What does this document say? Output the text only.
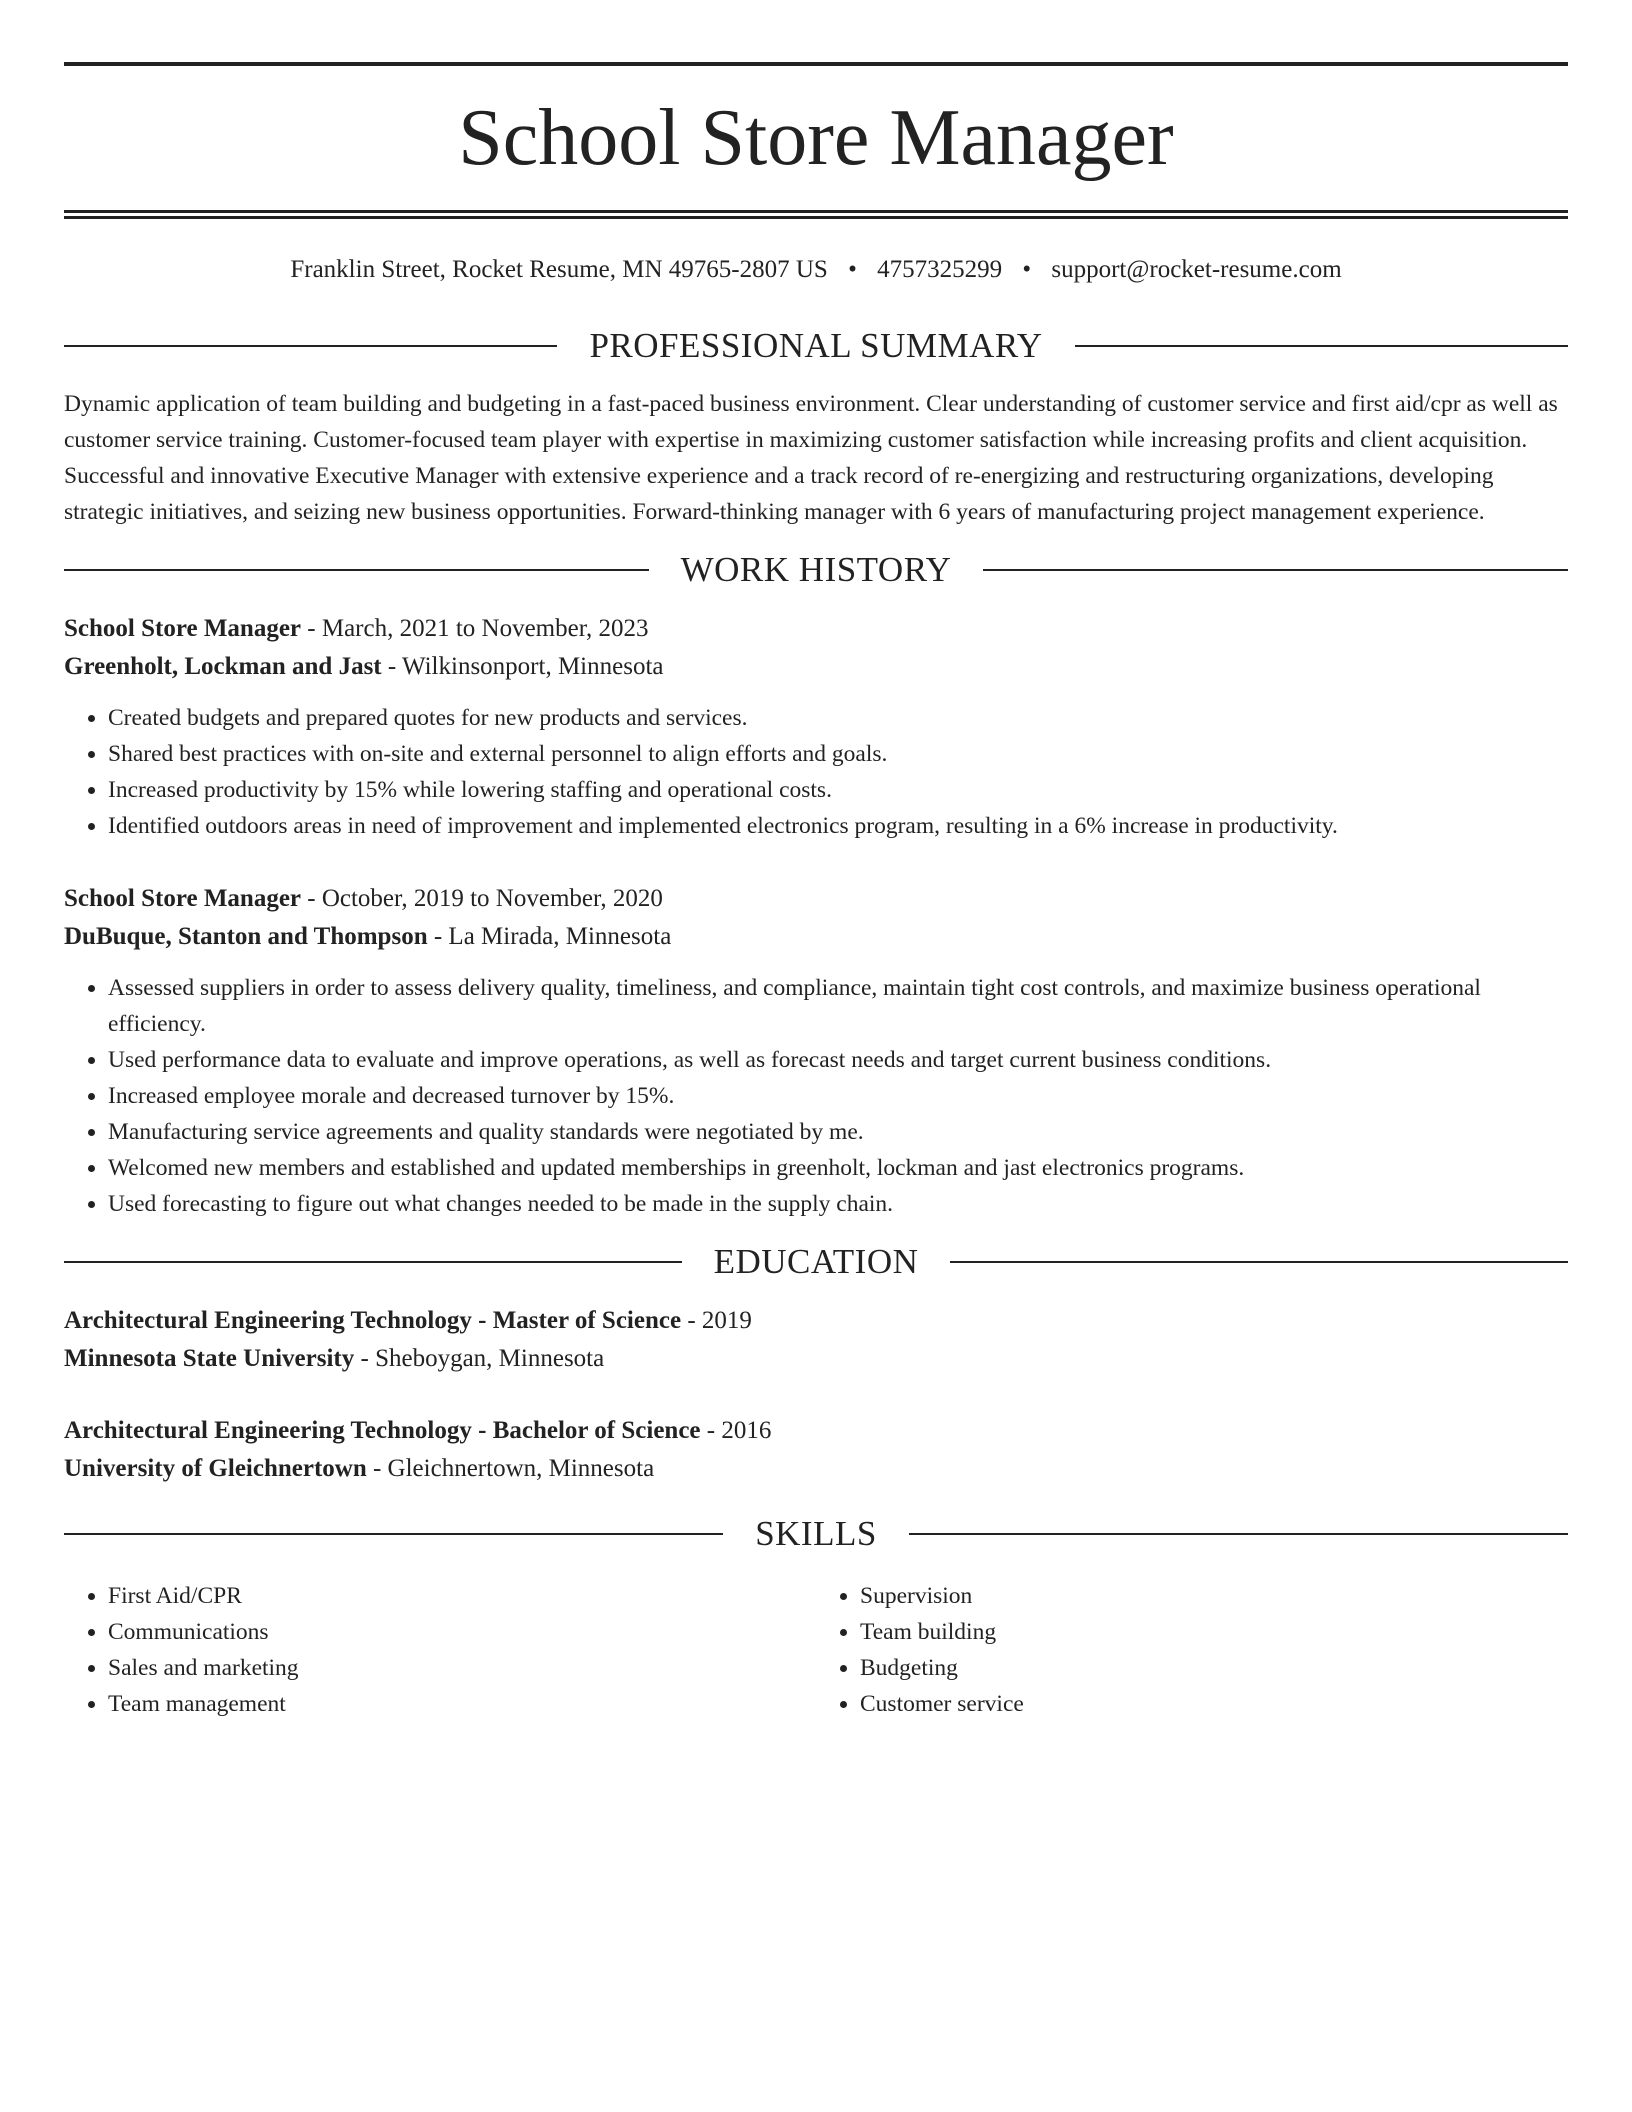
School Store Manager
Franklin Street, Rocket Resume, MN 49765-2807 US • 4757325299 • support@rocket-resume.com
PROFESSIONAL SUMMARY
Dynamic application of team building and budgeting in a fast-paced business environment. Clear understanding of customer service and first aid/cpr as well as customer service training. Customer-focused team player with expertise in maximizing customer satisfaction while increasing profits and client acquisition. Successful and innovative Executive Manager with extensive experience and a track record of re-energizing and restructuring organizations, developing strategic initiatives, and seizing new business opportunities. Forward-thinking manager with 6 years of manufacturing project management experience.
WORK HISTORY
School Store Manager - March, 2021 to November, 2023
Greenholt, Lockman and Jast - Wilkinsonport, Minnesota
• Created budgets and prepared quotes for new products and services.
• Shared best practices with on-site and external personnel to align efforts and goals.
• Increased productivity by 15% while lowering staffing and operational costs.
• Identified outdoors areas in need of improvement and implemented electronics program, resulting in a 6% increase in productivity.
School Store Manager - October, 2019 to November, 2020
DuBuque, Stanton and Thompson - La Mirada, Minnesota
• Assessed suppliers in order to assess delivery quality, timeliness, and compliance, maintain tight cost controls, and maximize business operational efficiency.
• Used performance data to evaluate and improve operations, as well as forecast needs and target current business conditions.
• Increased employee morale and decreased turnover by 15%.
• Manufacturing service agreements and quality standards were negotiated by me.
• Welcomed new members and established and updated memberships in greenholt, lockman and jast electronics programs.
• Used forecasting to figure out what changes needed to be made in the supply chain.
EDUCATION
Architectural Engineering Technology - Master of Science - 2019
Minnesota State University - Sheboygan, Minnesota
Architectural Engineering Technology - Bachelor of Science - 2016
University of Gleichnertown - Gleichnertown, Minnesota
SKILLS
• First Aid/CPR
• Communications
• Sales and marketing
• Team management
• Supervision
• Team building
• Budgeting
• Customer service
